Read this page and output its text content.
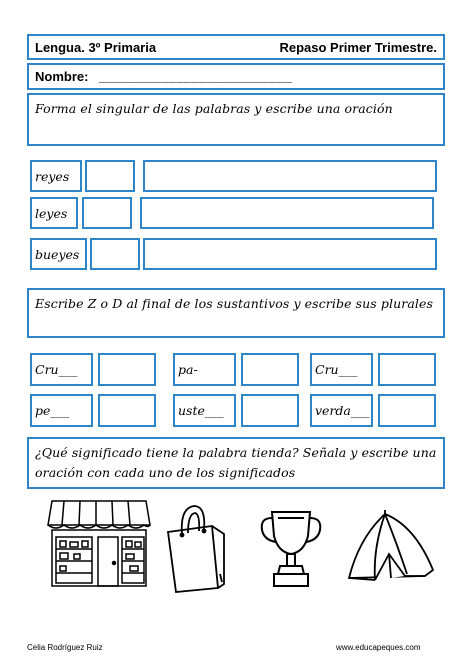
Lengua. 3º Primaria	Repaso Primer Trimestre.
Nombre: _________________________
Forma el singular de las palabras y escribe una oración
reyes
leyes
bueyes
Escribe Z o D al final de los sustantivos y escribe sus plurales
Cru___	pa-	Cru___
pe___	uste___	verda___
¿Qué significado tiene la palabra tienda? Señala y escribe una oración con cada uno de los significados
Celia Rodríguez Ruiz	www.educapeques.com
